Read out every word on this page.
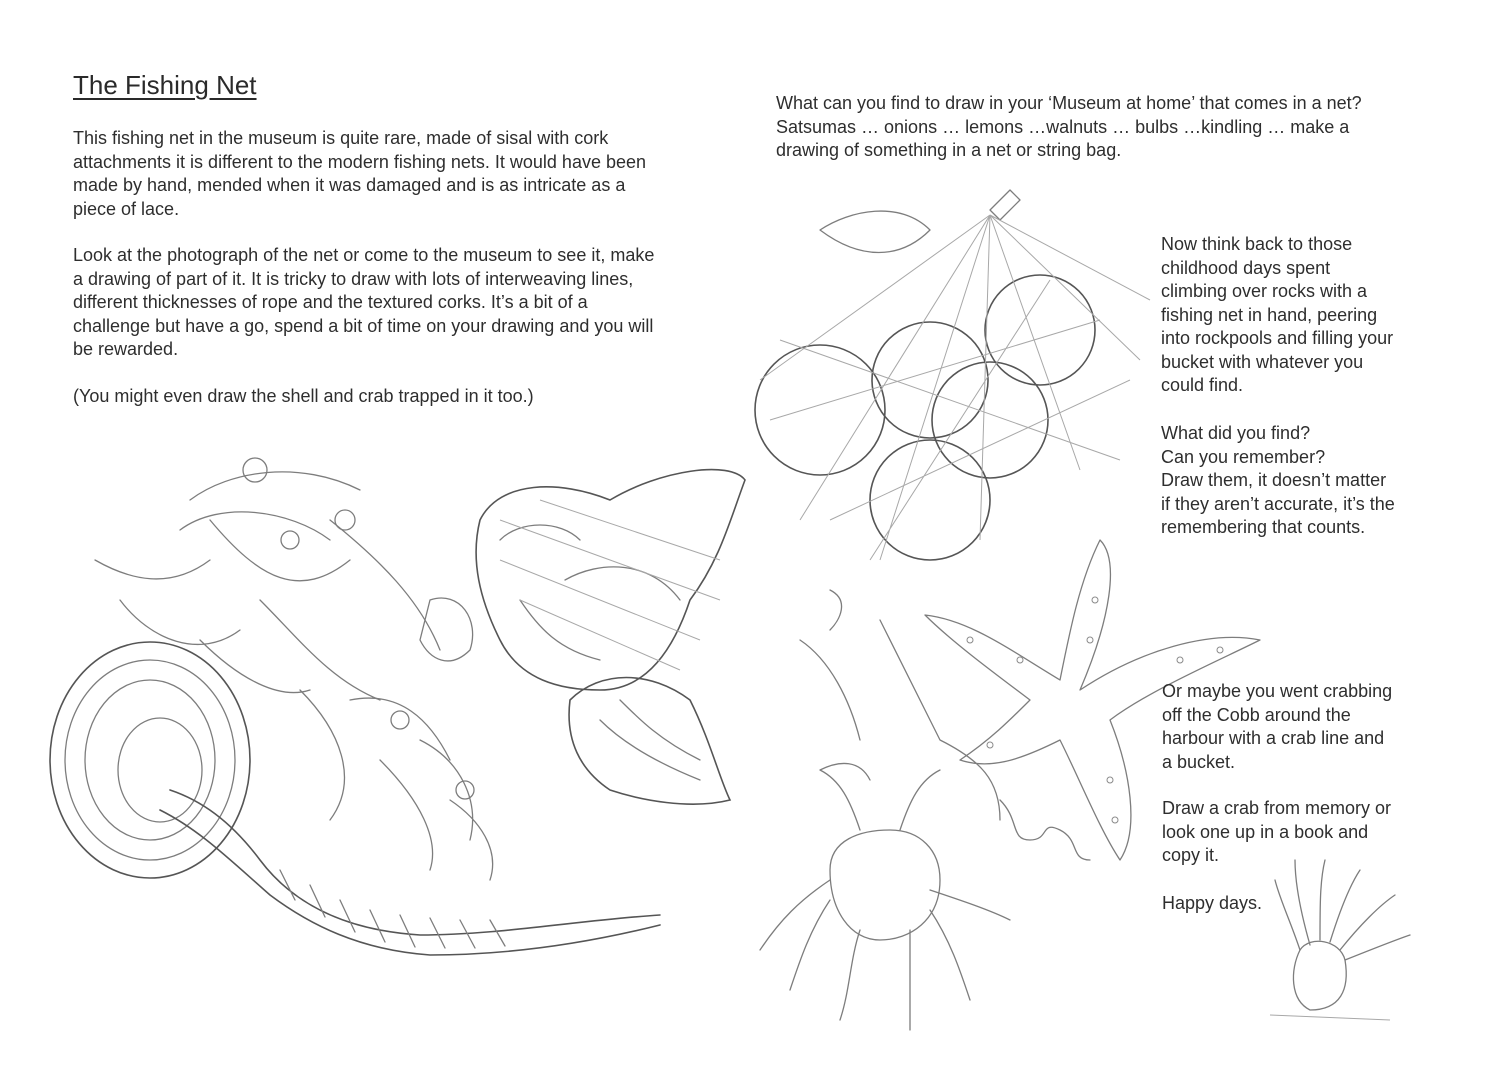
The Fishing Net

This fishing net in the museum is quite rare, made of sisal with cork
attachments it is different to the modern fishing nets. It would have been
made by hand, mended when it was damaged and is as intricate as a
piece of lace.

Look at the photograph of the net or come to the museum to see it, make
a drawing of part of it. It is tricky to draw with lots of interweaving lines,
different thicknesses of rope and the textured corks. It’s a bit of a
challenge but have a go, spend a bit of time on your drawing and you will
be rewarded.

(You might even draw the shell and crab trapped in it too.)

What can you find to draw in your ‘Museum at home’ that comes in a net?
Satsumas … onions … lemons …walnuts … bulbs …kindling … make a
drawing of something in a net or string bag.

Now think back to those
childhood days spent
climbing over rocks with a
fishing net in hand, peering
into rockpools and filling your
bucket with whatever you
could find.

What did you find?
Can you remember?
Draw them, it doesn’t matter
if they aren’t accurate, it’s the
remembering that counts.

Or maybe you went crabbing
off the Cobb around the
harbour with a crab line and
a bucket.

Draw a crab from memory or
look one up in a book and
copy it.

Happy days.
